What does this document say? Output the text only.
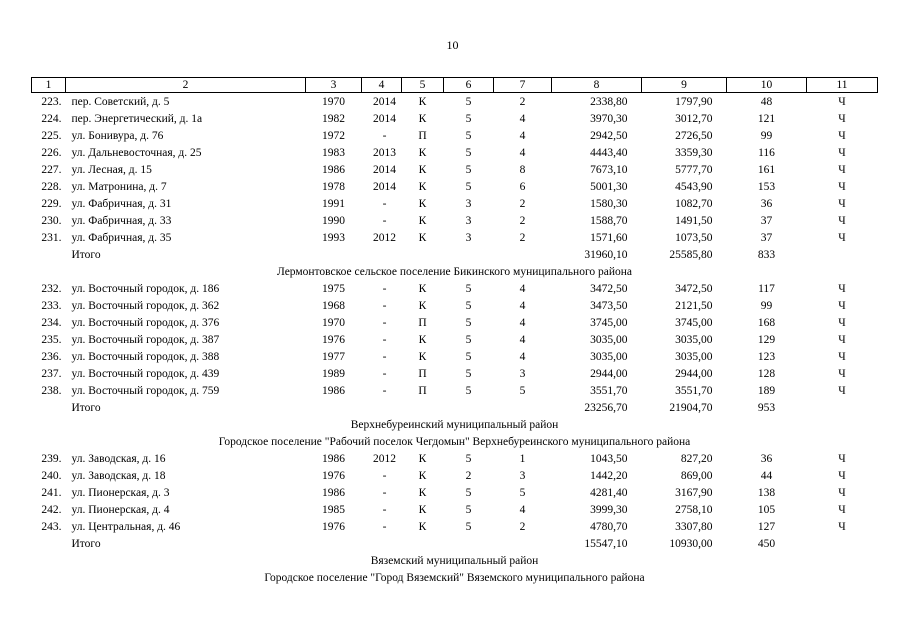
10
1	2	3	4	5	6	7	8	9	10	11
223.	пер. Советский, д. 5	1970	2014	К	5	2	2338,80	1797,90	48	Ч
224.	пер. Энергетический, д. 1а	1982	2014	К	5	4	3970,30	3012,70	121	Ч
225.	ул. Бонивура, д. 76	1972	-	П	5	4	2942,50	2726,50	99	Ч
226.	ул. Дальневосточная, д. 25	1983	2013	К	5	4	4443,40	3359,30	116	Ч
227.	ул. Лесная, д. 15	1986	2014	К	5	8	7673,10	5777,70	161	Ч
228.	ул. Матронина, д. 7	1978	2014	К	5	6	5001,30	4543,90	153	Ч
229.	ул. Фабричная, д. 31	1991	-	К	3	2	1580,30	1082,70	36	Ч
230.	ул. Фабричная, д. 33	1990	-	К	3	2	1588,70	1491,50	37	Ч
231.	ул. Фабричная, д. 35	1993	2012	К	3	2	1571,60	1073,50	37	Ч
	Итого						31960,10	25585,80	833	
Лермонтовское сельское поселение Бикинского муниципального района										
232.	ул. Восточный городок, д. 186	1975	-	К	5	4	3472,50	3472,50	117	Ч
233.	ул. Восточный городок, д. 362	1968	-	К	5	4	3473,50	2121,50	99	Ч
234.	ул. Восточный городок, д. 376	1970	-	П	5	4	3745,00	3745,00	168	Ч
235.	ул. Восточный городок, д. 387	1976	-	К	5	4	3035,00	3035,00	129	Ч
236.	ул. Восточный городок, д. 388	1977	-	К	5	4	3035,00	3035,00	123	Ч
237.	ул. Восточный городок, д. 439	1989	-	П	5	3	2944,00	2944,00	128	Ч
238.	ул. Восточный городок, д. 759	1986	-	П	5	5	3551,70	3551,70	189	Ч
	Итого						23256,70	21904,70	953	
Верхнебуреинский муниципальный район										
Городское поселение "Рабочий поселок Чегдомын" Верхнебуреинского муниципального района										
239.	ул. Заводская, д. 16	1986	2012	К	5	1	1043,50	827,20	36	Ч
240.	ул. Заводская, д. 18	1976	-	К	2	3	1442,20	869,00	44	Ч
241.	ул. Пионерская, д. 3	1986	-	К	5	5	4281,40	3167,90	138	Ч
242.	ул. Пионерская, д. 4	1985	-	К	5	4	3999,30	2758,10	105	Ч
243.	ул. Центральная, д. 46	1976	-	К	5	2	4780,70	3307,80	127	Ч
	Итого						15547,10	10930,00	450	
Вяземский муниципальный район										
Городское поселение "Город Вяземский" Вяземского муниципального района										
